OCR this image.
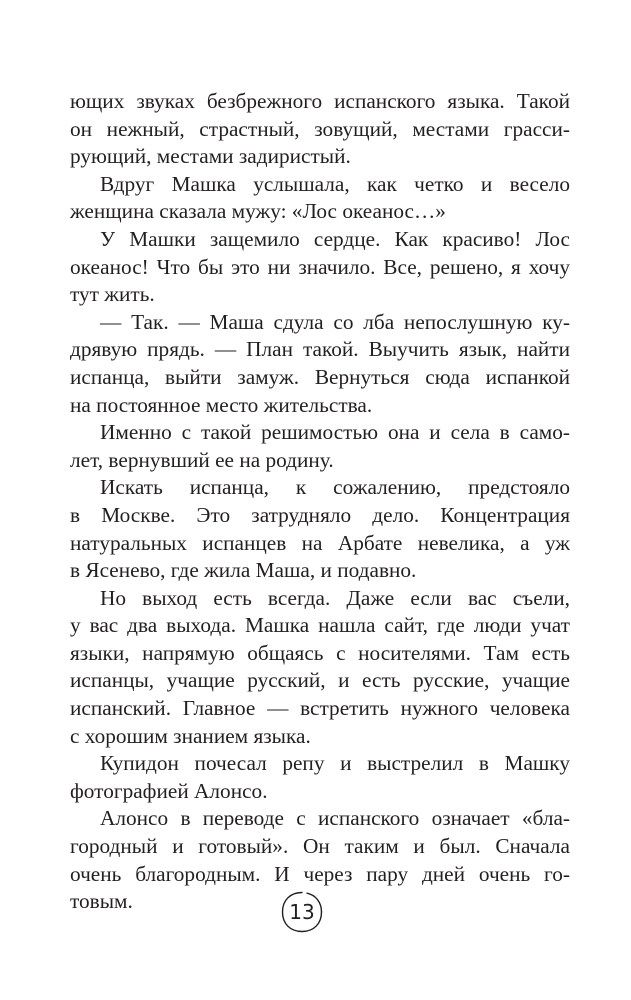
ющих звуках безбрежного испанского языка. Такой
он нежный, страстный, зовущий, местами грасси-
рующий, местами задиристый.
Вдруг Машка услышала, как четко и весело
женщина сказала мужу: «Лос океанос…»
У Машки защемило сердце. Как красиво! Лос
океанос! Что бы это ни значило. Все, решено, я хочу
тут жить.
— Так. — Маша сдула со лба непослушную ку-
дрявую прядь. — План такой. Выучить язык, найти
испанца, выйти замуж. Вернуться сюда испанкой
на постоянное место жительства.
Именно с такой решимостью она и села в само-
лет, вернувший ее на родину.
Искать испанца, к сожалению, предстояло
в Москве. Это затрудняло дело. Концентрация
натуральных испанцев на Арбате невелика, а уж
в Ясенево, где жила Маша, и подавно.
Но выход есть всегда. Даже если вас съели,
у вас два выхода. Машка нашла сайт, где люди учат
языки, напрямую общаясь с носителями. Там есть
испанцы, учащие русский, и есть русские, учащие
испанский. Главное — встретить нужного человека
с хорошим знанием языка.
Купидон почесал репу и выстрелил в Машку
фотографией Алонсо.
Алонсо в переводе с испанского означает «бла-
городный и готовый». Он таким и был. Сначала
очень благородным. И через пару дней очень го-
товым.	13
